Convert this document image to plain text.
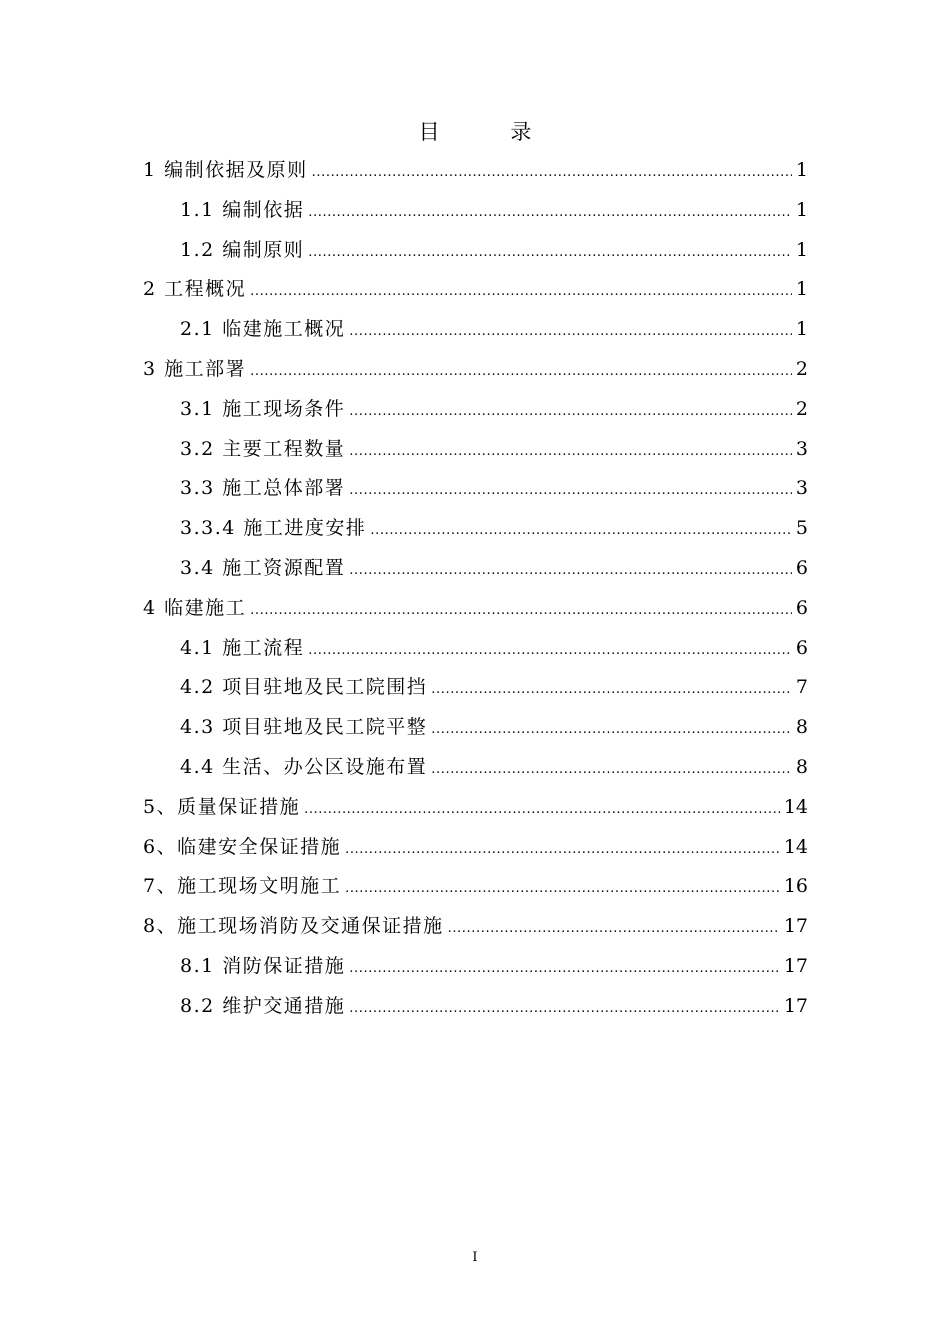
目 录
1 编制依据及原则 .....	1
1.1 编制依据 .....	1
1.2 编制原则 .....	1
2 工程概况 .....	1
2.1 临建施工概况 .....	1
3 施工部署 .....	2
3.1 施工现场条件 .....	2
3.2 主要工程数量 .....	3
3.3 施工总体部署 .....	3
3.3.4 施工进度安排 .....	5
3.4 施工资源配置 .....	6
4 临建施工 .....	6
4.1 施工流程 .....	6
4.2 项目驻地及民工院围挡 .....	7
4.3 项目驻地及民工院平整 .....	8
4.4 生活、办公区设施布置 .....	8
5、质量保证措施 .....	14
6、临建安全保证措施 .....	14
7、施工现场文明施工 .....	16
8、施工现场消防及交通保证措施 .....	17
8.1 消防保证措施 .....	17
8.2 维护交通措施 .....	17
I
